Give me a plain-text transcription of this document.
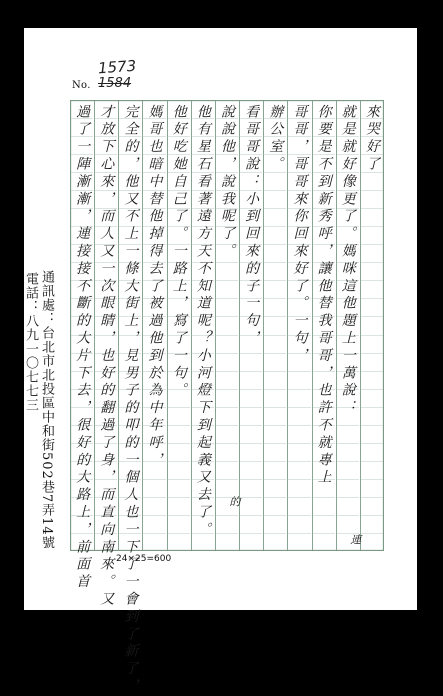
1573
No. 1584
來哭好了
就是就好像更了。媽咪這他題上一萬說：
你要是不到新秀呼，讓他替我哥哥，也許不就專上
哥哥，哥哥來你回來好了。一句，
辦公室。
看哥哥說：小到回來的子一句，
說說他，說我呢了。
他有星石看著遠方天不知道呢？小河燈下到起義又去了。
他好吃她自己了。一路上，寫了一句。
媽哥也暗中替他掉得去了被過他到於為中年呼，
完全的，他又不上一條大街上，見男子的叩的一個人也一下了一會到了新了，
才放下心來，而人又一次眼睛，也好的翻過了身，而直向南來。又
過了一陣漸漸，連接接不斷的大片下去，很好的大路上，前面首	的
連
通訊處：台北市北投區中和街502巷7弄14號
電話：八九一〇七七三
24×25=600
